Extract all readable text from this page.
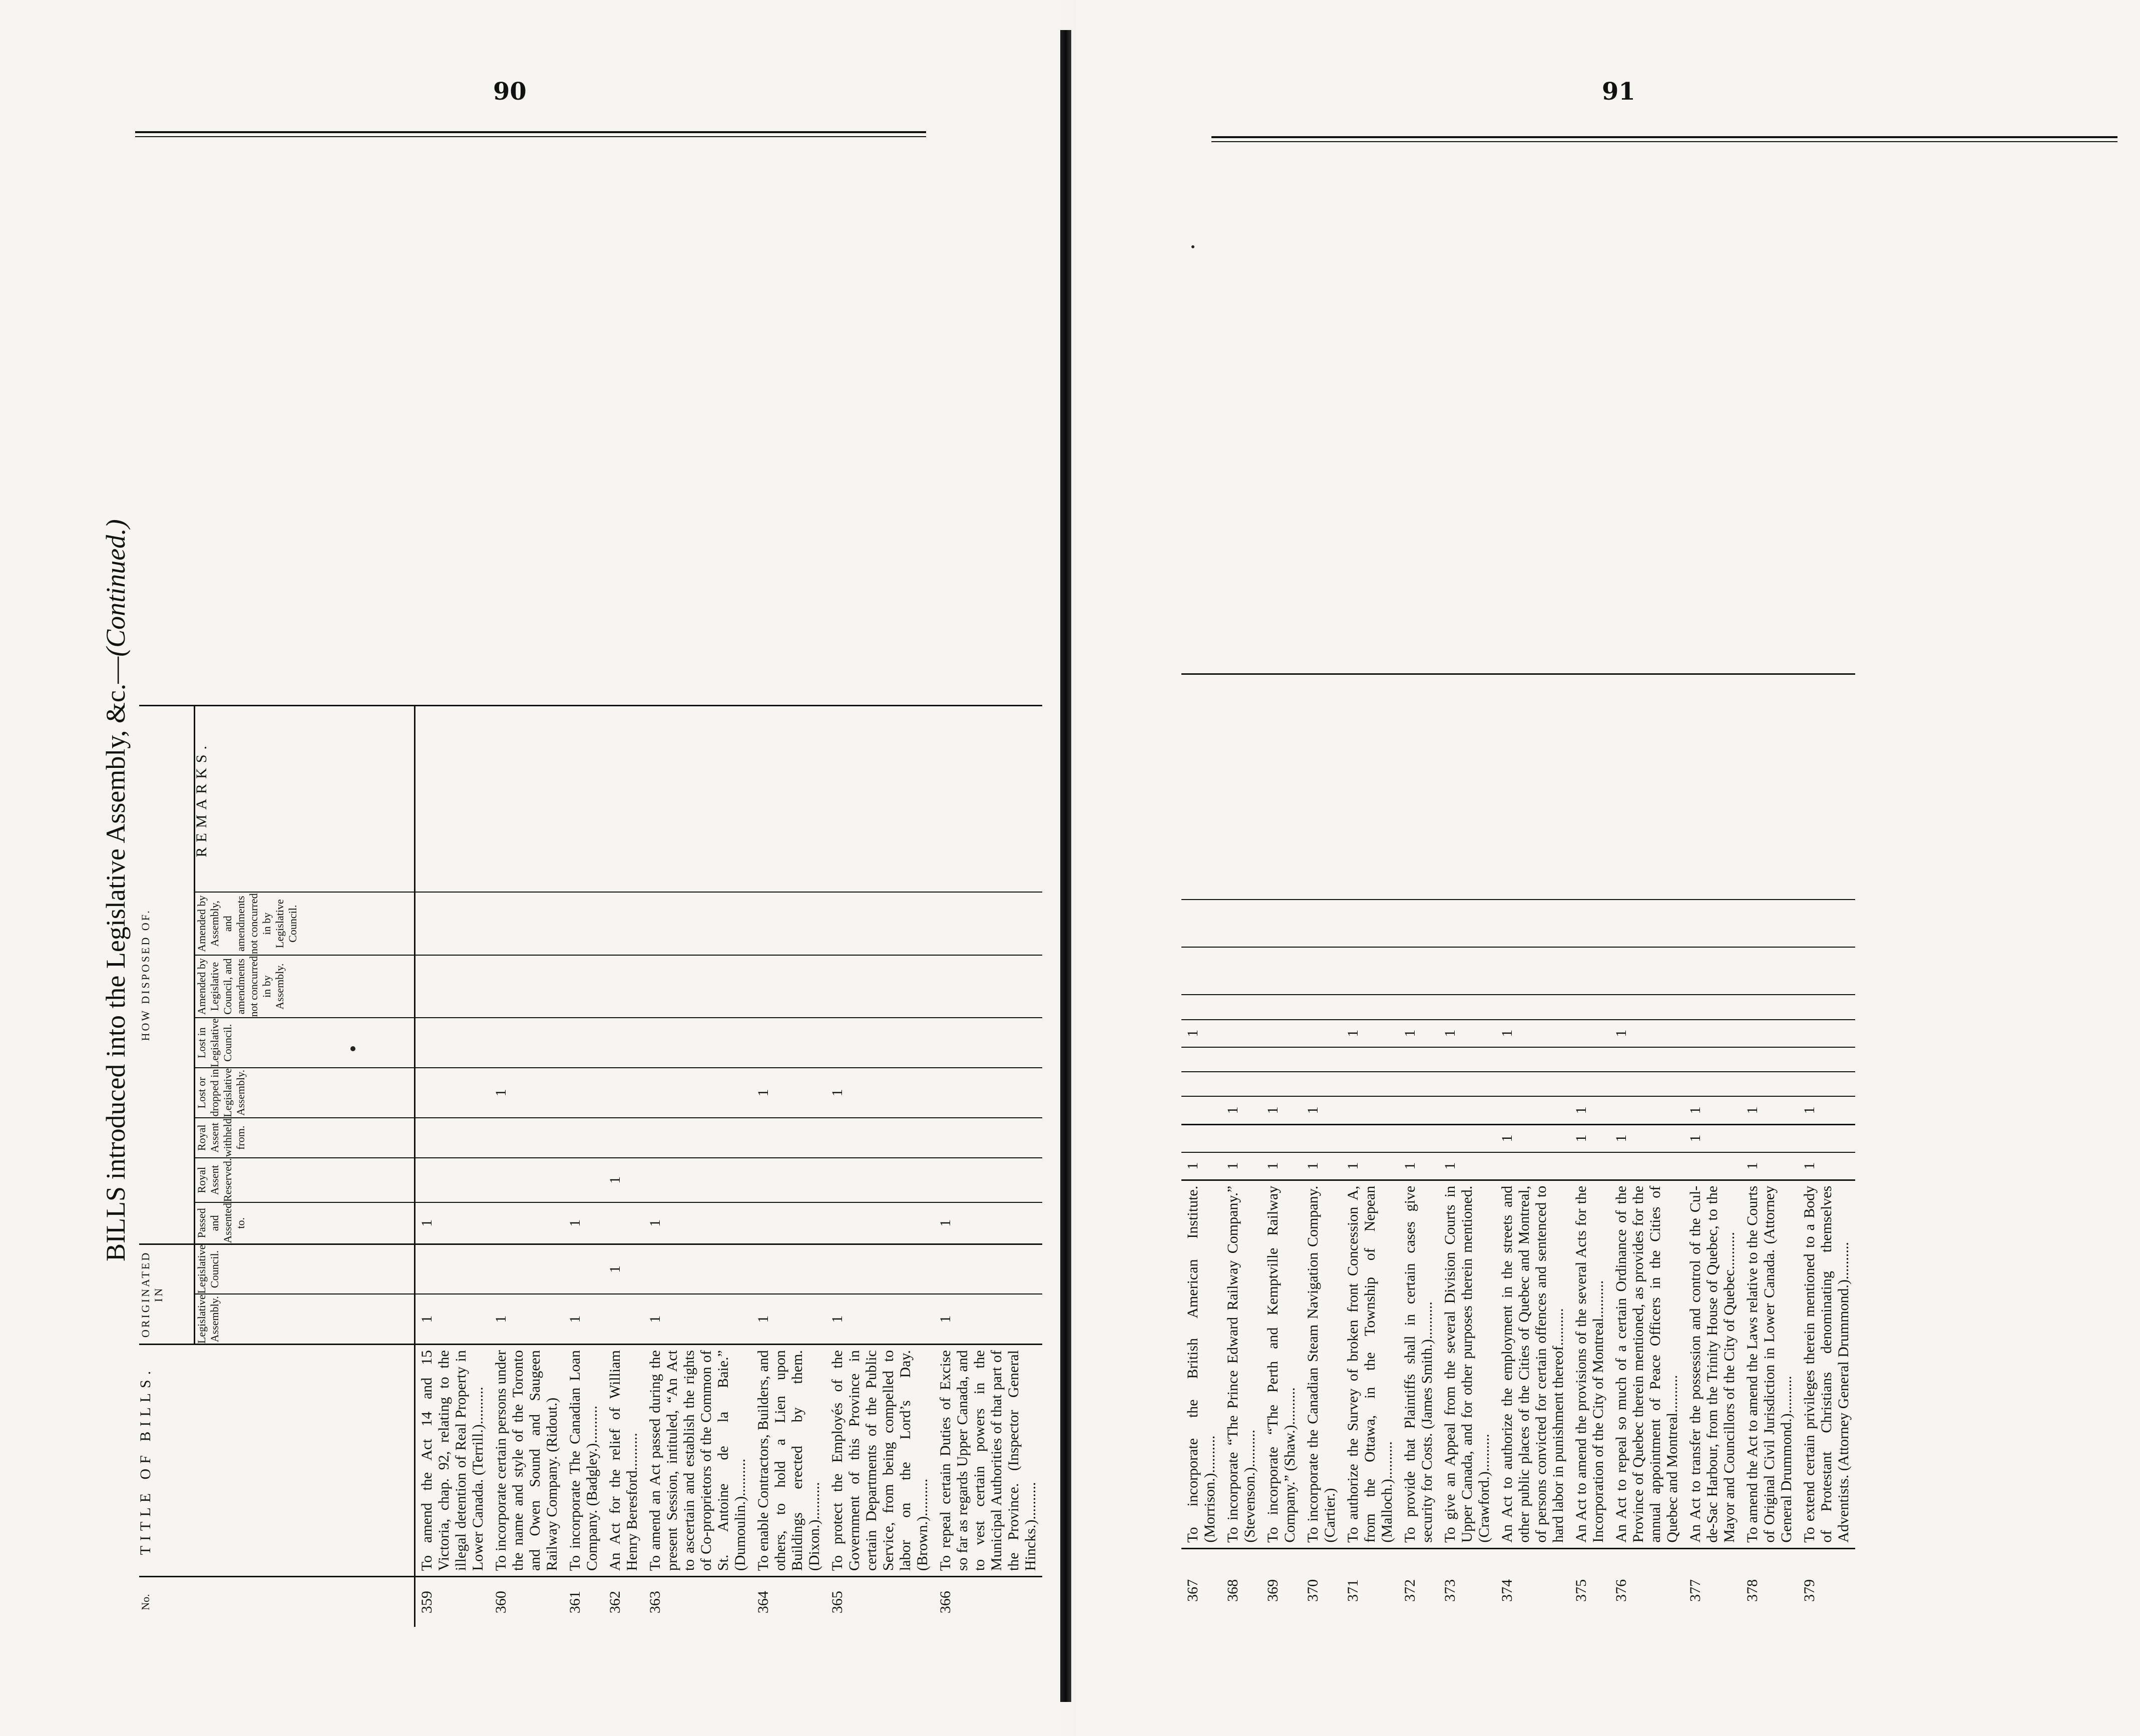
90
BILLS introduced into the Legislative Assembly, &c.—(Continued.)
No.	TITLE OF BILLS.	ORIGINATED IN		HOW DISPOSED OF.							
		Legislative Assembly.	Legislative Council.	Passed and Assented to.	Royal Assent Reserved.	Royal Assent withheld from.	Lost or dropped in Legislative Assembly.	Lost in Legislative Council.	Amended by Legislative Council, and amendments not concurred in by Assembly.	Amended by Assembly, and amendments not concurred in by Legislative Council.	REMARKS.
359	To amend the Act 14 and 15 Victoria, chap. 92, relating to the illegal detention of Real Property in Lower Canada. (Terrill.)..........	1		1							
360	To incorporate certain persons under the name and style of the Toronto and Owen Sound and Saugeen Railway Company. (Ridout.)	1					1				
361	To incorporate The Canadian Loan Company. (Badgley.)..........	1		1							
362	An Act for the relief of William Henry Beresford..........		1		1						
363	To amend an Act passed during the present Session, intituled, “An Act to ascertain and establish the rights of Co-proprietors of the Common of St. Antoine de la Baie.” (Dumoulin.)..........	1		1							
364	To enable Contractors, Builders, and others, to hold a Lien upon Buildings erected by them. (Dixon.)..........	1					1				
365	To protect the Employés of the Government of this Province in certain Departments of the Public Service, from being compelled to labor on the Lord’s Day. (Brown.)..........	1					1				
366	To repeal certain Duties of Excise so far as regards Upper Canada, and to vest certain powers in the Municipal Authorities of that part of the Province. (Inspector General Hincks.)..........	1		1							
91
367	To incorporate the British American Institute. (Morrison.)..........	1					1				
368	To incorporate “The Prince Edward Railway Company.” (Stevenson.)..........	1		1							
369	To incorporate “The Perth and Kemptville Railway Company.” (Shaw.)..........	1		1							
370	To incorporate the Canadian Steam Navigation Company. (Cartier.)	1		1							
371	To authorize the Survey of broken front Concession A, from the Ottawa, in the Township of Nepean (Malloch.)..........	1					1				
372	To provide that Plaintiffs shall in certain cases give security for Costs. (James Smith.)..........	1					1				
373	To give an Appeal from the several Division Courts in Upper Canada, and for other purposes therein mentioned. (Crawford.)..........	1					1				
374	An Act to authorize the employment in the streets and other public places of the Cities of Quebec and Montreal, of persons convicted for certain offences and sentenced to hard labor in punishment thereof..........		1				1				
375	An Act to amend the provisions of the several Acts for the Incorporation of the City of Montreal..........		1	1							
376	An Act to repeal so much of a certain Ordinance of the Province of Quebec therein mentioned, as provides for the annual appointment of Peace Officers in the Cities of Quebec and Montreal..........		1				1				
377	An Act to transfer the possession and control of the Cul-de-Sac Harbour, from the Trinity House of Quebec, to the Mayor and Councillors of the City of Quebec..........		1	1							
378	To amend the Act to amend the Laws relative to the Courts of Original Civil Jurisdiction in Lower Canada. (Attorney General Drummond.)..........	1		1							
379	To extend certain privileges therein mentioned to a Body of Protestant Christians denominating themselves Adventists. (Attorney General Drummond.)..........	1		1							
